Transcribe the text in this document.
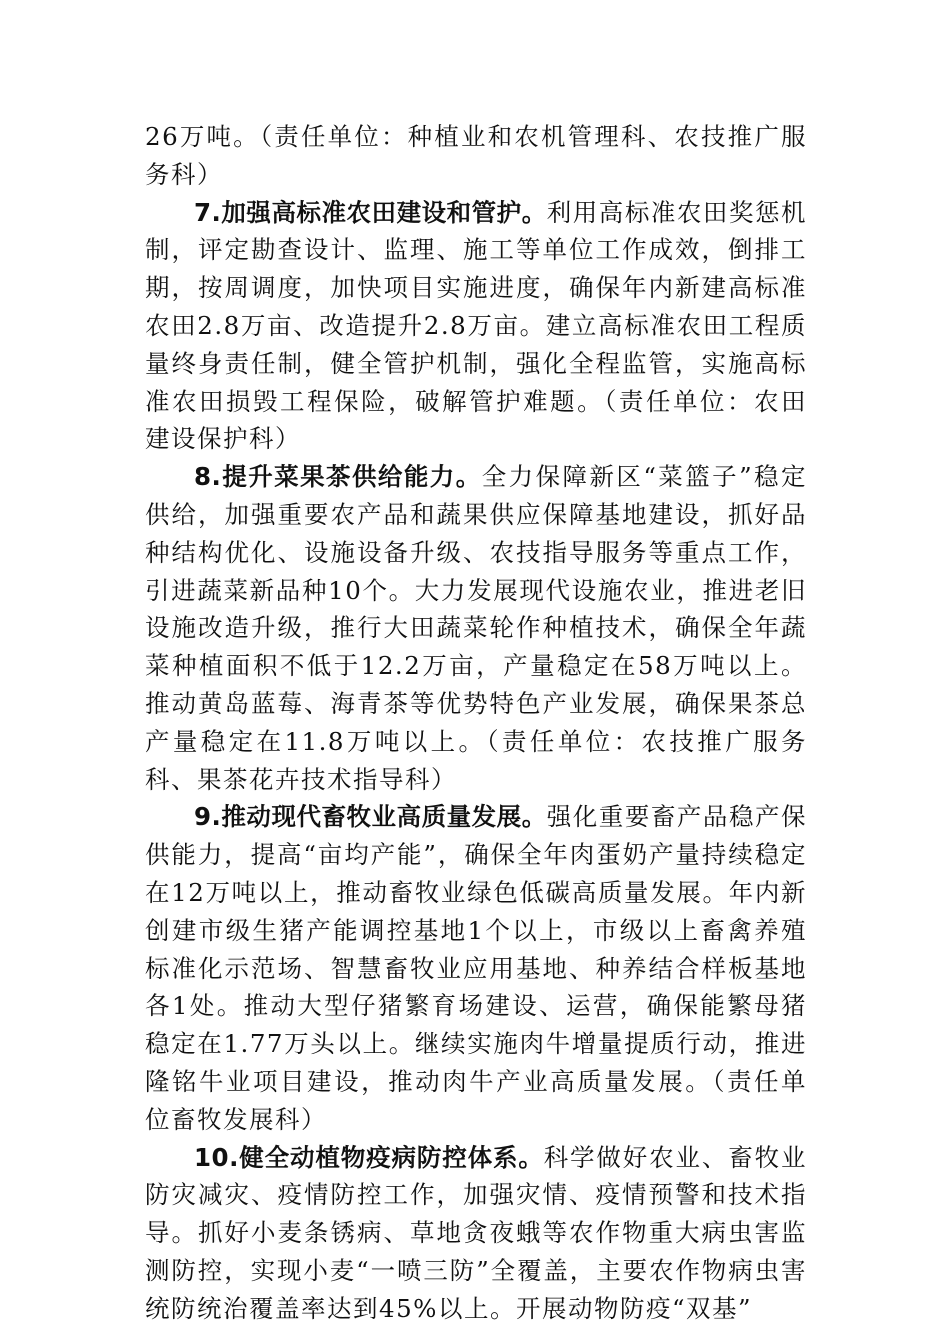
26万吨。（责任单位：种植业和农机管理科、农技推广服务科）

7.加强高标准农田建设和管护。利用高标准农田奖惩机制，评定勘查设计、监理、施工等单位工作成效，倒排工期，按周调度，加快项目实施进度，确保年内新建高标准农田2.8万亩、改造提升2.8万亩。建立高标准农田工程质量终身责任制，健全管护机制，强化全程监管，实施高标准农田损毁工程保险，破解管护难题。（责任单位：农田建设保护科）

8.提升菜果茶供给能力。全力保障新区“菜篮子”稳定供给，加强重要农产品和蔬果供应保障基地建设，抓好品种结构优化、设施设备升级、农技指导服务等重点工作，引进蔬菜新品种10个。大力发展现代设施农业，推进老旧设施改造升级，推行大田蔬菜轮作种植技术，确保全年蔬菜种植面积不低于12.2万亩，产量稳定在58万吨以上。推动黄岛蓝莓、海青茶等优势特色产业发展，确保果茶总产量稳定在11.8万吨以上。（责任单位：农技推广服务科、果茶花卉技术指导科）

9.推动现代畜牧业高质量发展。强化重要畜产品稳产保供能力，提高“亩均产能”，确保全年肉蛋奶产量持续稳定在12万吨以上，推动畜牧业绿色低碳高质量发展。年内新创建市级生猪产能调控基地1个以上，市级以上畜禽养殖标准化示范场、智慧畜牧业应用基地、种养结合样板基地各1处。推动大型仔猪繁育场建设、运营，确保能繁母猪稳定在1.77万头以上。继续实施肉牛增量提质行动，推进隆铭牛业项目建设，推动肉牛产业高质量发展。（责任单位畜牧发展科）

10.健全动植物疫病防控体系。科学做好农业、畜牧业防灾减灾、疫情防控工作，加强灾情、疫情预警和技术指导。抓好小麦条锈病、草地贪夜蛾等农作物重大病虫害监测防控，实现小麦“一喷三防”全覆盖，主要农作物病虫害统防统治覆盖率达到45%以上。开展动物防疫“双基”
